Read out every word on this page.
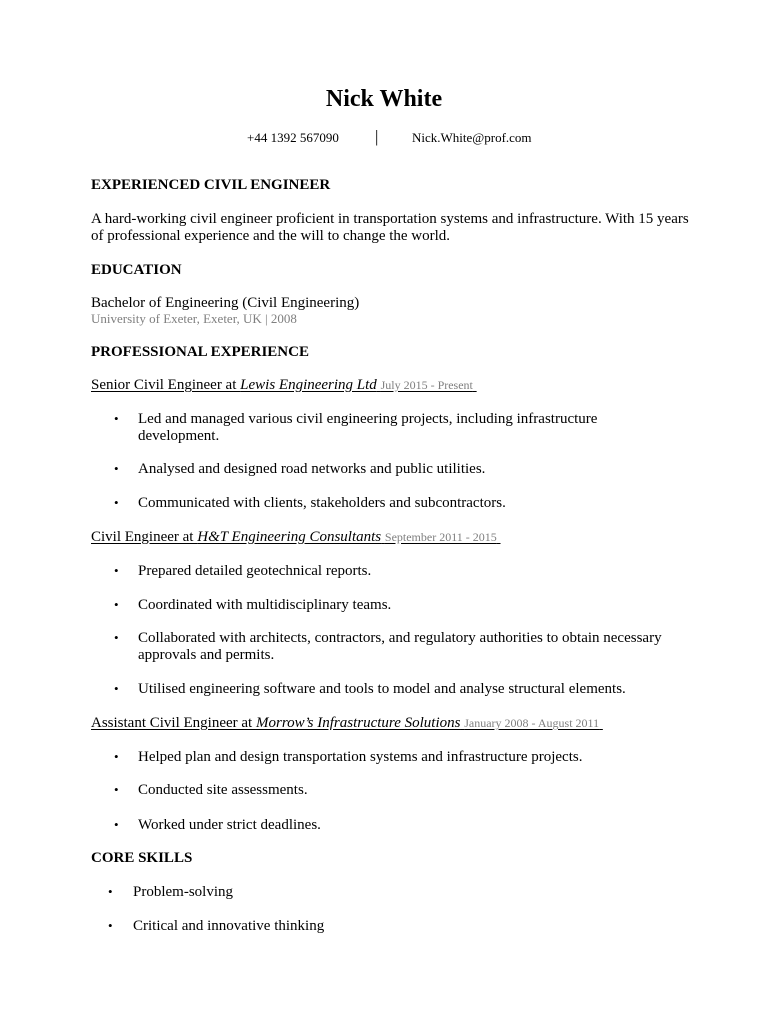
Nick White
+44 1392 567090 |	Nick.White@prof.com
EXPERIENCED CIVIL ENGINEER
A hard-working civil engineer proficient in transportation systems and infrastructure. With 15 years of professional experience and the will to change the world.
EDUCATION
Bachelor of Engineering (Civil Engineering)
University of Exeter, Exeter, UK | 2008
PROFESSIONAL EXPERIENCE
Senior Civil Engineer at Lewis Engineering Ltd July 2015 - Present
• Led and managed various civil engineering projects, including infrastructure development.
• Analysed and designed road networks and public utilities.
• Communicated with clients, stakeholders and subcontractors.
Civil Engineer at H&T Engineering Consultants September 2011 - 2015
• Prepared detailed geotechnical reports.
• Coordinated with multidisciplinary teams.
• Collaborated with architects, contractors, and regulatory authorities to obtain necessary approvals and permits.
• Utilised engineering software and tools to model and analyse structural elements.
Assistant Civil Engineer at Morrow’s Infrastructure Solutions January 2008 - August 2011
• Helped plan and design transportation systems and infrastructure projects.
• Conducted site assessments.
• Worked under strict deadlines.
CORE SKILLS
• Problem-solving
• Critical and innovative thinking
